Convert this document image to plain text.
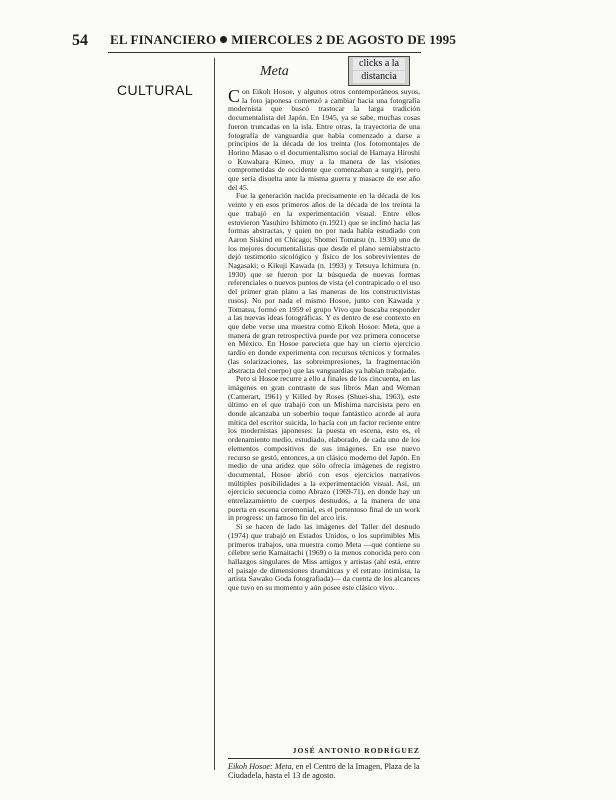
54 EL FINANCIERO MIERCOLES 2 DE AGOSTO DE 1995
CULTURAL
Meta
clicks a la
distancia

Con Eikoh Hosoe, y algunos otros contemporáneos suyos, la foto japonesa comenzó a cambiar hacia una fotografía modernista que buscó trastocar la larga tradición documentalista del Japón. En 1945, ya se sabe, muchas cosas fueron truncadas en la isla. Entre otras, la trayectoria de una fotografía de vanguardia que había comenzado a darse a principios de la década de los treinta (los fotomontajes de Horino Masao o el documentalismo social de Hamaya Hiroshi o Kuwabara Kineo, muy a la manera de las visiones comprometidas de occidente que comenzaban a surgir), pero que sería disuelta ante la misma guerra y masacre de ese año del 45.

Fue la generación nacida precisamente en la década de los veinte y en esos primeros años de la década de los treinta la que trabajó en la experimentación visual. Entre ellos estuvieron Yasuhiro Ishimoto (n.1921) que se inclinó hacia las formas abstractas, y quien no por nada había estudiado con Aaron Siskind en Chicago; Shomei Tomatsu (n. 1930) uno de los mejores documentalistas que desde el plano semiabstracto dejó testimonio sicológico y físico de los sobrevivientes de Nagasaki; o Kikuji Kawada (n. 1993) y Tetsuya Ichimura (n. 1930) que se fueron por la búsqueda de nuevas formas referenciales o nuevos puntos de vista (el contrapicado o el uso del primer gran plano a las maneras de los constructivistas rusos). No por nada el mismo Hosoe, junto con Kawada y Tomatsu, formó en 1959 el grupo Vivo que buscaba responder a las nuevas ideas fotográficas. Y es dentro de ese contexto en que debe verse una muestra como Eikoh Hosoe: Meta, que a manera de gran retrospectiva puede por vez primera conocerse en México. En Hosoe pareciera que hay un cierto ejercicio tardío en donde experimenta con recursos técnicos y formales (las solarizaciones, las sobreimpresiones, la fragmentación abstracta del cuerpo) que las vanguardias ya habían trabajado.

Pero si Hosoe recurre a ello a finales de los cincuenta, en las imágenes en gran contraste de sus libros Man and Woman (Camerart, 1961) y Killed by Roses (Shuei-sha, 1963), este último en el que trabajó con un Mishima narcisista pero en donde alcanzaba un soberbio toque fantástico acorde al aura mítica del escritor suicida, lo hacía con un factor reciente entre los modernistas japoneses: la puesta en escena, esto es, el ordenamiento medio, estudiado, elaborado, de cada uno de los elementos compositivos de sus imágenes. En ese nuevo recurso se gestó, entonces, a un clásico moderno del Japón. En medio de una aridez que sólo ofrecía imágenes de registro documental, Hosoe abrió con esos ejercicios narrativos múltiples posibilidades a la experimentación visual. Así, un ejercicio secuencia como Abrazo (1969-71), en donde hay un entrelazamiento de cuerpos desnudos, a la manera de una puerta en escena ceremonial, es el portentoso final de un work in progress: un famoso fin del arco iris.

Si se hacen de lado las imágenes del Taller del desnudo (1974) que trabajó en Estados Unidos, o los suprimibles Mis primeros trabajos, una muestra como Meta —que contiene su célebre serie Kamaitachi (1969) o la menos conocida pero con hallazgos singulares de Miss amigos y artistas (ahí está, entre el paisaje de dimensiones dramáticas y el retrato intimista, la artista Sawako Goda fotografiada)— da cuenta de los alcances que tuvo en su momento y aún posee este clásico vivo.

JOSÉ ANTONIO RODRÍGUEZ
Eikoh Hosoe: Meta, en el Centro de la Imagen, Plaza de la Ciudadela, hasta el 13 de agosto.
